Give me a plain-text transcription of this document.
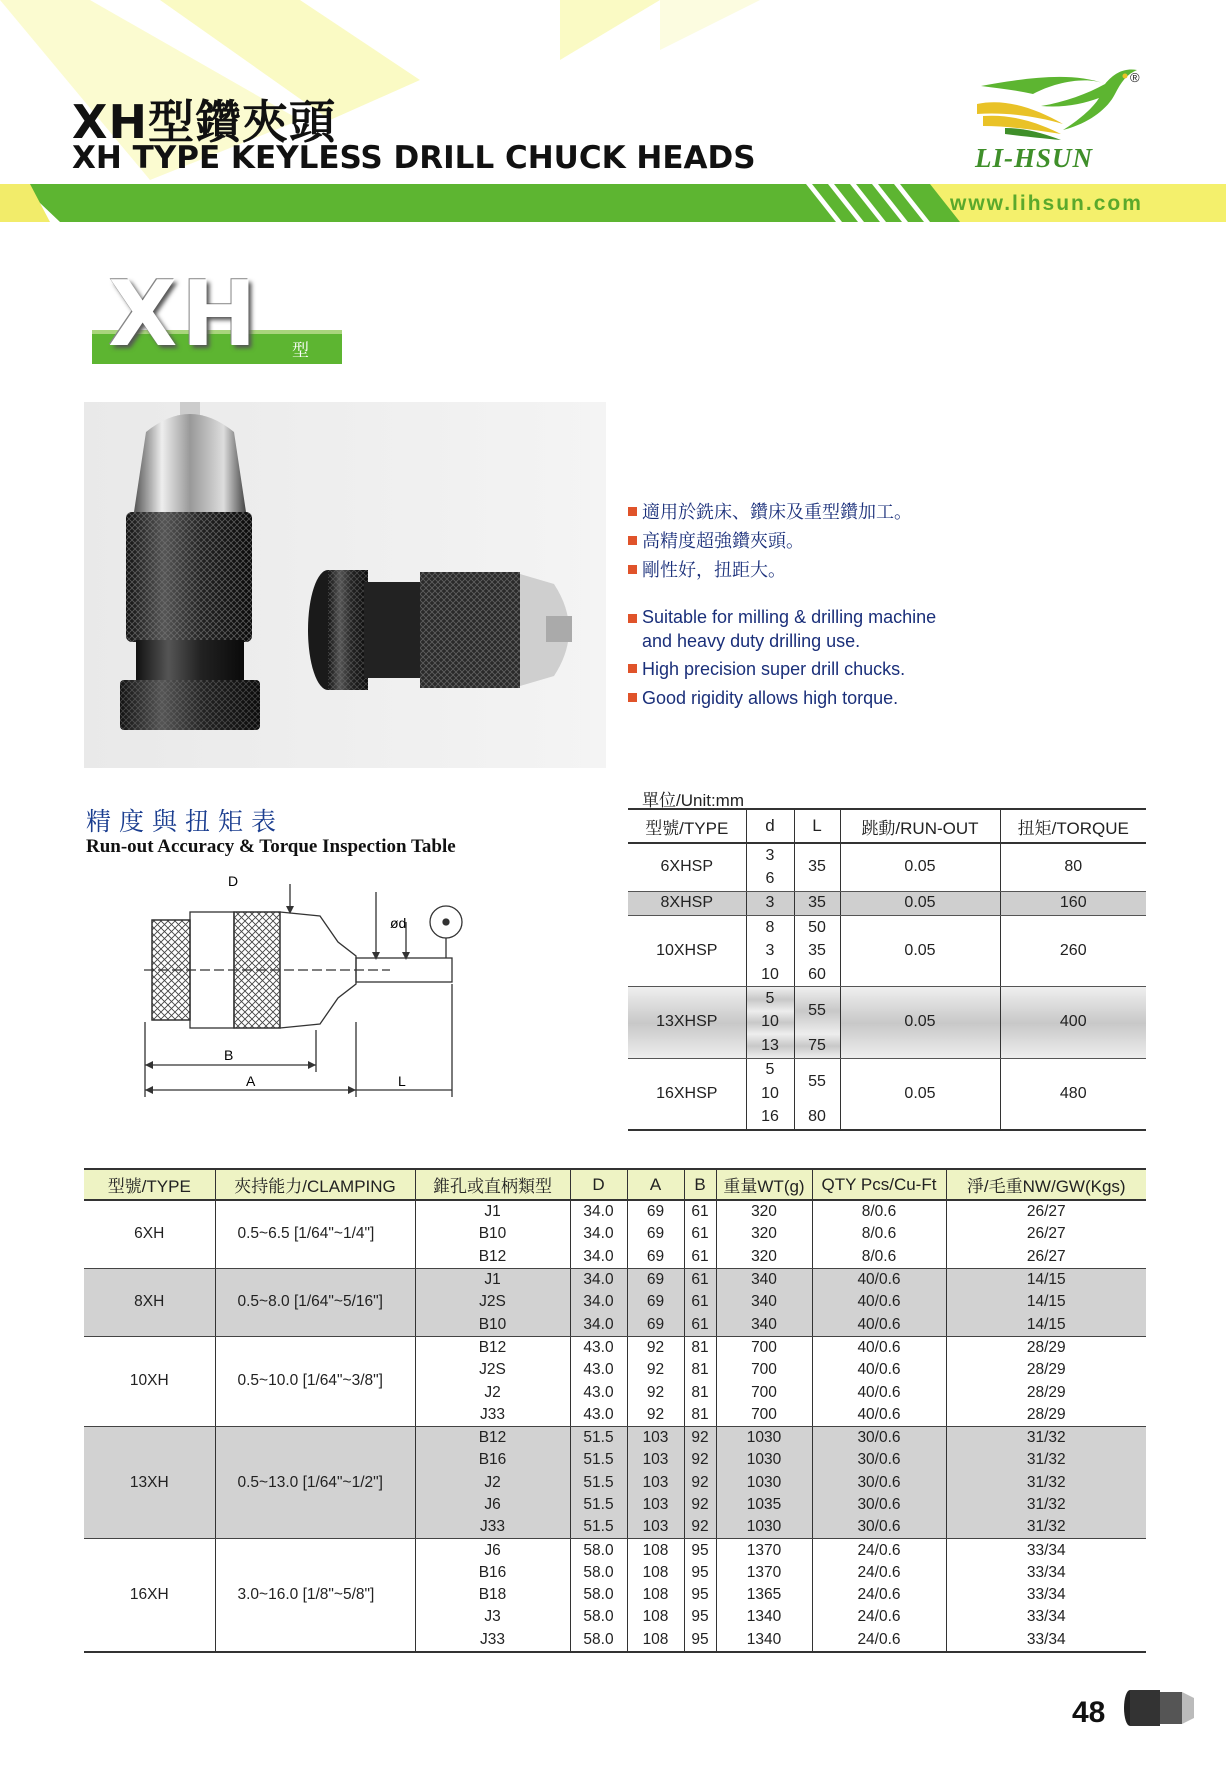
XH型鑽夾頭
XH TYPE KEYLESS DRILL CHUCK HEADS
®
LI-HSUN
www.lihsun.com
XH 型
適用於銑床、鑽床及重型鑽加工。
高精度超強鑽夾頭。
剛性好，扭距大。
Suitable for milling & drilling machine and heavy duty drilling use.
High precision super drill chucks.
Good rigidity allows high torque.
精度與扭矩表
Run-out Accuracy & Torque Inspection Table
D
ød
B
A	L
單位/Unit:mm
型號/TYPE	d	L	跳動/RUN-OUT	扭矩/TORQUE
6XHSP	3	35	0.05	80
	6			
8XHSP	3	35	0.05	160
10XHSP	8	50	0.05	260
	3	35		
	10	60		
13XHSP	5	55	0.05	400
	10			
	13	75		
16XHSP	5	55	0.05	480
	10			
	16	80		
型號/TYPE	夾持能力/CLAMPING	錐孔或直柄類型	D	A	B	重量WT(g)	QTY Pcs/Cu-Ft	淨/毛重NW/GW(Kgs)
6XH	0.5~6.5 [1/64"~1/4"]	J1	34.0	69	61	320	8/0.6	26/27
		B10	34.0	69	61	320	8/0.6	26/27
		B12	34.0	69	61	320	8/0.6	26/27
8XH	0.5~8.0 [1/64"~5/16"]	J1	34.0	69	61	340	40/0.6	14/15
		J2S	34.0	69	61	340	40/0.6	14/15
		B10	34.0	69	61	340	40/0.6	14/15
10XH	0.5~10.0 [1/64"~3/8"]	B12	43.0	92	81	700	40/0.6	28/29
		J2S	43.0	92	81	700	40/0.6	28/29
		J2	43.0	92	81	700	40/0.6	28/29
		J33	43.0	92	81	700	40/0.6	28/29
13XH	0.5~13.0 [1/64"~1/2"]	B12	51.5	103	92	1030	30/0.6	31/32
		B16	51.5	103	92	1030	30/0.6	31/32
		J2	51.5	103	92	1030	30/0.6	31/32
		J6	51.5	103	92	1035	30/0.6	31/32
		J33	51.5	103	92	1030	30/0.6	31/32
16XH	3.0~16.0 [1/8"~5/8"]	J6	58.0	108	95	1370	24/0.6	33/34
		B16	58.0	108	95	1370	24/0.6	33/34
		B18	58.0	108	95	1365	24/0.6	33/34
		J3	58.0	108	95	1340	24/0.6	33/34
		J33	58.0	108	95	1340	24/0.6	33/34
48
